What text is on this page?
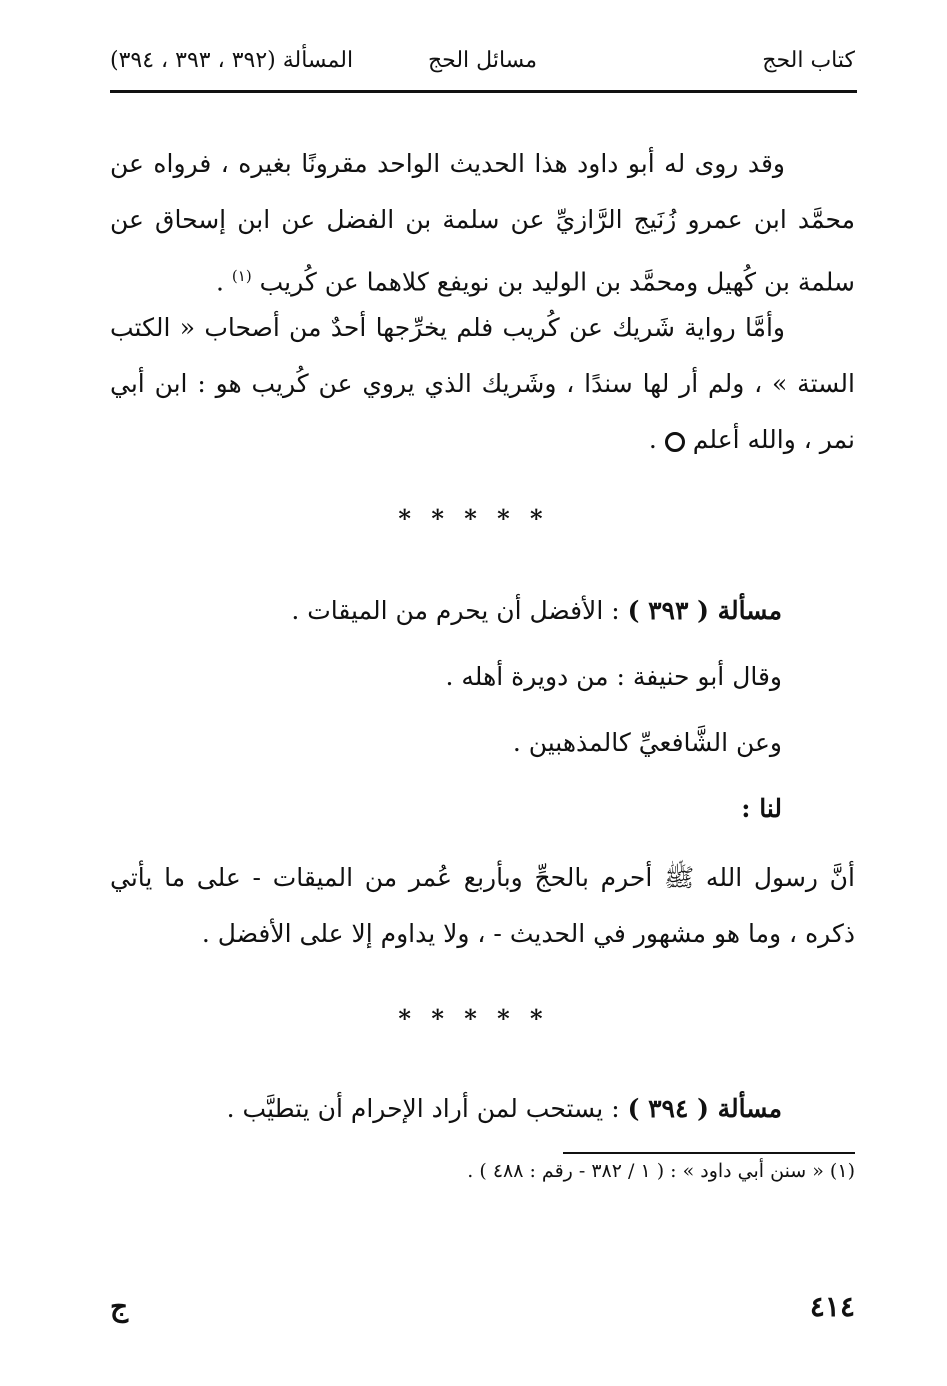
كتاب الحج
مسائل الحج
المسألة (٣٩٢ ، ٣٩٣ ، ٣٩٤)
وقد روى له أبو داود هذا الحديث الواحد مقرونًا بغيره ، فرواه عن محمَّد ابن عمرو زُنَيج الرَّازيِّ عن سلمة بن الفضل عن ابن إسحاق عن سلمة بن كُهيل ومحمَّد بن الوليد بن نويفع كلاهما عن كُريب $^{(١)}$ .
وأمَّا رواية شَريك عن كُريب فلم يخرِّجها أحدٌ من أصحاب « الكتب الستة » ، ولم أر لها سندًا ، وشَريك الذي يروي عن كُريب هو : ابن أبي نمر ، والله أعلم  .
* * * * *
مسألة ( ٣٩٣ ) : الأفضل أن يحرم من الميقات .
وقال أبو حنيفة : من دويرة أهله .
وعن الشَّافعيِّ كالمذهبين .
لنا :
أنَّ رسول الله ﷺ أحرم بالحجِّ وبأربع عُمر من الميقات - على ما يأتي ذكره ، وما هو مشهور في الحديث - ، ولا يداوم إلا على الأفضل .
* * * * *
مسألة ( ٣٩٤ ) : يستحب لمن أراد الإحرام أن يتطيَّب .
(١) « سنن أبي داود » : ( ١ / ٣٨٢ - رقم : ٤٨٨ ) .
٤١٤
ج
